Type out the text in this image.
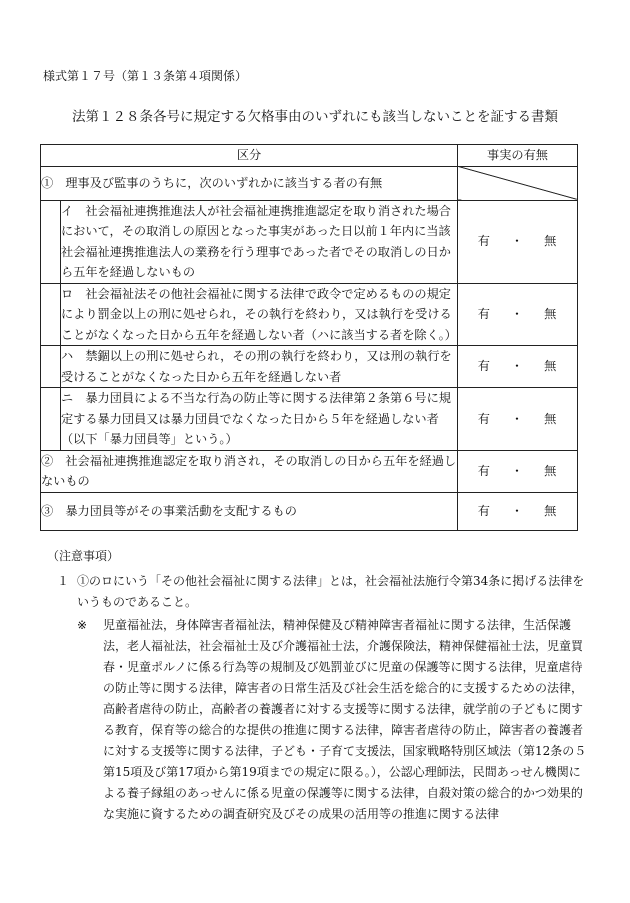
様式第１７号（第１３条第４項関係）
法第１２８条各号に規定する欠格事由のいずれにも該当しないことを証する書類
区分		事実の有無
①　理事及び監事のうちに，次のいずれかに該当する者の有無		
	イ　社会福祉連携推進法人が社会福祉連携推進認定を取り消された場合において，その取消しの原因となった事実があった日以前１年内に当該社会福祉連携推進法人の業務を行う理事であった者でその取消しの日から五年を経過しないもの	有 ・ 無

	ロ　社会福祉法その他社会福祉に関する法律で政令で定めるものの規定により罰金以上の刑に処せられ，その執行を終わり，又は執行を受けることがなくなった日から五年を経過しない者（ハに該当する者を除く。）	有 ・ 無

	ハ　禁錮以上の刑に処せられ，その刑の執行を終わり，又は刑の執行を受けることがなくなった日から五年を経過しない者	有 ・ 無

	ニ　暴力団員による不当な行為の防止等に関する法律第２条第６号に規定する暴力団員又は暴力団員でなくなった日から５年を経過しない者（以下「暴力団員等」という。）	有 ・ 無

②　社会福祉連携推進認定を取り消され，その取消しの日から五年を経過しないもの		有 ・ 無

③　暴力団員等がその事業活動を支配するもの		有 ・ 無

（注意事項）

１ ①のロにいう「その他社会福祉に関する法律」とは，社会福祉法施行令第34条に掲げる法律をいうものであること。
※ 児童福祉法，身体障害者福祉法，精神保健及び精神障害者福祉に関する法律，生活保護法，老人福祉法，社会福祉士及び介護福祉士法，介護保険法，精神保健福祉士法，児童買春・児童ポルノに係る行為等の規制及び処罰並びに児童の保護等に関する法律，児童虐待の防止等に関する法律，障害者の日常生活及び社会生活を総合的に支援するための法律，高齢者虐待の防止，高齢者の養護者に対する支援等に関する法律，就学前の子どもに関する教育，保育等の総合的な提供の推進に関する法律，障害者虐待の防止，障害者の養護者に対する支援等に関する法律，子ども・子育て支援法，国家戦略特別区域法（第12条の５第15項及び第17項から第19項までの規定に限る。），公認心理師法，民間あっせん機関による養子縁組のあっせんに係る児童の保護等に関する法律，自殺対策の総合的かつ効果的な実施に資するための調査研究及びその成果の活用等の推進に関する法律
